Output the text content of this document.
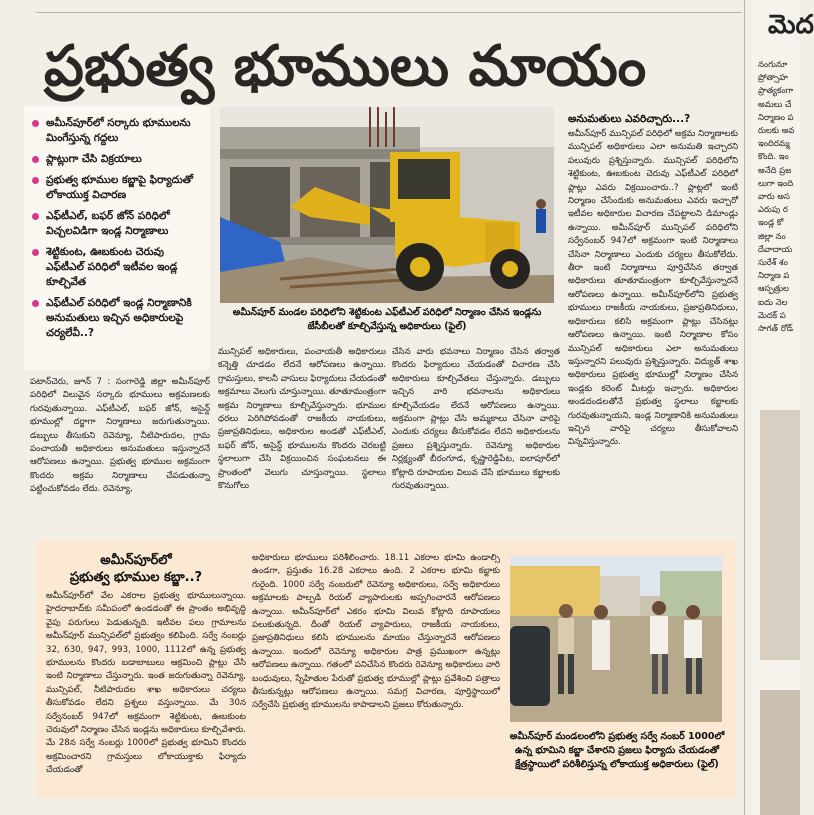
ప్రభుత్వ భూములు మాయం
అమీన్‌పూర్‌లో సర్కారు భూములను మింగేస్తున్న గద్దలు
ప్లాట్లుగా చేసి విక్రయాలు
ప్రభుత్వ భూముల కబ్జాపై ఫిర్యాదుతో లోకాయుక్త విచారణ
ఎఫ్‌టీఎల్, బఫర్ జోన్ పరిధిలో విచ్చలవిడిగా ఇండ్ల నిర్మాణాలు
శెట్టికుంట, ఊబకుంట చెరువు ఎఫ్‌టీఎల్ పరిధిలో ఇటీవల ఇండ్ల కూల్చివేత
ఎఫ్‌టీఎల్ పరిధిలో ఇండ్ల నిర్మాణానికి అనుమతులు ఇచ్చిన అధికారులపై చర్యలేవీ..?
అమీన్‌పూర్ మండల పరిధిలోని శెట్టికుంట ఎఫ్‌టీఎల్ పరిధిలో నిర్మాణం చేసిన ఇండ్లను జేసీబీలతో కూల్చివేస్తున్న అధికారులు (ఫైల్)
అనుమతులు ఎవరిచ్చారు...?

అమీన్‌పూర్ మున్సిపల్ పరిధిలో అక్రమ నిర్మాణాలకు మున్సిపల్ అధికారులు ఎలా అనుమతి ఇచ్చారని పలువురు ప్రశ్నిస్తున్నారు. మున్సిపల్ పరిధిలోని శెట్టికుంట, ఊబకుంట చెరువు ఎఫ్‌టీఎల్ పరిధిలో ప్లాట్లు ఎవరు విక్రయించారు..? ప్లాట్లలో ఇంటి నిర్మాణం చేసేందుకు అనుమతులు ఎవరు ఇచ్చారో ఇటీవల అధికారుల విచారణ చేపట్టాలని డిమాండ్లు ఉన్నాయి. అమీన్‌పూర్ మున్సిపల్ పరిధిలోని సర్వేనంబర్ 947లో అక్రమంగా ఇంటి నిర్మాణాలు చేసినా నిర్మాణాలు ఎందుకు చర్యలు తీసుకోలేదు. తీరా ఇంటి నిర్మాణాలు పూర్తిచేసిన తర్వాత అధికారులు తూతూమంత్రంగా కూల్చివేస్తున్నారనే ఆరోపణలు ఉన్నాయి. అమీన్‌పూర్‌లోని ప్రభుత్వ భూములు రాజకీయ నాయకులు, ప్రజాప్రతినిధులు, అధికారులు కలిసి అక్రమంగా ప్లాట్లు చేసినట్లు ఆరోపణలు ఉన్నాయి. ఇంటి నిర్మాణాల కోసం మున్సిపల్ అధికారులు ఎలా అనుమతులు ఇస్తున్నారని పలువురు ప్రశ్నిస్తున్నారు. విద్యుత్ శాఖ అధికారులు ప్రభుత్వ భూముల్లో నిర్మాణం చేసిన ఇండ్లకు కరెంట్ మీటర్లు ఇచ్చారు. అధికారుల అండదండలతోనే ప్రభుత్వ స్థలాలు కబ్జాలకు గురవుతున్నాయని, ఇండ్ల నిర్మాణానికి అనుమతులు ఇచ్చిన వారిపై చర్యలు తీసుకోవాలని విన్నవిస్తున్నారు.

పటాన్‌చెరు, జూన్ 7 : సంగారెడ్డి జిల్లా అమీన్‌పూర్ పరిధిలో విలువైన సర్కారు భూములు అక్రమణలకు గురవుతున్నాయి. ఎఫ్‌టీఎల్, బఫర్ జోన్, అసైన్డ్ భూముల్లో దర్జాగా నిర్మాణాలు జరుగుతున్నాయి. డబ్బులు తీసుకుని రెవెన్యూ, నీటిపారుదల, గ్రామ పంచాయతీ అధికారులు అనుమతులు ఇస్తున్నారనే ఆరోపణలు ఉన్నాయి. ప్రభుత్వ భూముల అక్రమంగా కొందరు అక్రమ నిర్మాణాలు చేపడుతున్నా పట్టించుకోవడం లేదు. రెవెన్యూ,

మున్సిపల్ అధికారులు, పంచాయతీ అధికారులు కన్నెత్తి చూడడం లేదనే ఆరోపణలు ఉన్నాయి. గ్రామస్తులు, కాలనీ వాసులు ఫిర్యాదులు చేయడంతో అక్రమాలు వెలుగు చూస్తున్నాయి. తూతూమంత్రంగా అక్రమ నిర్మాణాలు కూల్చివేస్తున్నారు. భూముల ధరలు పెరిగిపోవడంతో రాజకీయ నాయకులు, ప్రజాప్రతినిధులు, అధికారుల అండతో ఎఫ్‌టీఎల్, బఫర్ జోన్, అసైన్డ్ భూములను కొందరు చెరబట్టి స్థలాలుగా చేసి విక్రయించిన సంఘటనలు ఈ ప్రాంతంలో వెలుగు చూస్తున్నాయి. స్థలాలు కొనుగోలు

చేసిన వారు భవనాలు నిర్మాణం చేసిన తర్వాత కొందరు ఫిర్యాదులు చేయడంతో విచారణ చేసి అధికారులు కూల్చివేతలు చేస్తున్నారు. డబ్బులు ఇచ్చిన వారి భవనాలను అధికారులు కూల్చివేయడం లేదనే ఆరోపణలు ఉన్నాయి. అక్రమంగా ప్లాట్లు చేసి అమ్మకాలు చేసినా వారిపై ఎందుకు చర్యలు తీసుకోవడం లేదని అధికారులను ప్రజలు ప్రశ్నిస్తున్నారు. రెవెన్యూ అధికారుల నిర్లక్ష్యంతో బీరంగూడ, కృష్ణారెడ్డిపేట, ఐలాపూర్‌లో కోట్లాది రూపాయల విలువ చేసే భూములు కబ్జాలకు గురవుతున్నాయి.

అమీన్‌పూర్‌లో
ప్రభుత్వ భూముల కబ్జా..?

అమీన్‌పూర్‌లో వేల ఎకరాల ప్రభుత్వ భూములున్నాయి. హైదరాబాద్‌కు సమీపంలో ఉండడంతో ఈ ప్రాంతం అభివృద్ధి వైపు పరుగులు పెడుతున్నది. ఇటీవల పలు గ్రామాలను అమీన్‌పూర్ మున్సిపల్‌లో ప్రభుత్వం కలిపింది. సర్వే నంబర్లు 32, 630, 947, 993, 1000, 1112లో ఉన్న ప్రభుత్వ భూములను కొందరు బడాబాబులు ఆక్రమించి ప్లాట్లు చేసి ఇంటి నిర్మాణాలు చేస్తున్నారు. ఇంత జరుగుతున్నా రెవెన్యూ, మున్సిపల్, నీటిపారుదల శాఖ అధికారులు చర్యలు తీసుకోవడం లేదని ప్రశ్నలు వస్తున్నాయి. మే 30న సర్వేనంబర్ 947లో అక్రమంగా శెట్టికుంట, ఊబకుంట చెరువులో నిర్మాణం చేసిన ఇండ్లను అధికారులు కూల్చివేశారు. మే 28న సర్వే నంబర్లు 1000లో ప్రభుత్వ భూమిని కొందరు అక్రమించారని గ్రామస్తులు లోకాయుక్తాకు ఫిర్యాదు చేయడంతో

అధికారులు భూములు పరిశీలించారు. 18.11 ఎకరాల భూమి ఉండాల్సి ఉండగా, ప్రస్తుతం 16.28 ఎకరాలు ఉంది. 2 ఎకరాల భూమి కబ్జాకు గురైంది. 1000 సర్వే నంబరులో రెవెన్యూ అధికారులు, సర్వే అధికారులు అక్రమాలకు పాల్పడి రియల్ వ్యాపారులకు అప్పగించారనే ఆరోపణలు ఉన్నాయి. అమీన్‌పూర్‌లో ఎకరం భూమి విలువ కోట్లాది రూపాయలు పలుకుతున్నది. దీంతో రియల్ వ్యాపారులు, రాజకీయ నాయకులు, ప్రజాప్రతినిధులు కలిసి భూములను మాయం చేస్తున్నారనే ఆరోపణలు ఉన్నాయి. ఇందులో రెవెన్యూ అధికారుల పాత్ర ప్రముఖంగా ఉన్నట్లు ఆరోపణలు ఉన్నాయి. గతంలో పనిచేసిన కొందరు రెవెన్యూ అధికారులు వారి బంధువులు, స్నేహితుల పేరుతో ప్రభుత్వ భూముల్లో ప్లాట్లు ప్రవేశించి పత్రాలు తీసుకున్నట్లు ఆరోపణలు ఉన్నాయి. సమగ్ర విచారణ, పూర్తిస్థాయిలో సర్వేచేసి ప్రభుత్వ భూములను కాపాడాలని ప్రజలు కోరుతున్నారు.

అమీన్‌పూర్ మండలంలోని ప్రభుత్వ సర్వే నంబర్ 1000లో ఉన్న భూమిని కబ్జా చేశారని ప్రజలు ఫిర్యాదు చేయడంతో క్షేత్రస్థాయిలో పరిశీలిస్తున్న లోకాయుక్త అధికారులు (ఫైల్)
మెద
నంగునూ
ప్రోత్సాహ
ప్రాత్యకంగా
అమలు చే
నిర్మాణం ప
రులకు అవ
ఇందిరమ్మ
కొంది. ఇం
అనేది ప్రజ
లుగా ఇంది
వారు అస
ఎరుపు ర
ఇండ్ల కో
జిల్లా నం
దేవాదాయ
సురేశ్ శం
నిర్మాణ ప
ఆస్పత్రుల
ఐదు నెల
మెదక్ ప
సాగత్ రోడ్
